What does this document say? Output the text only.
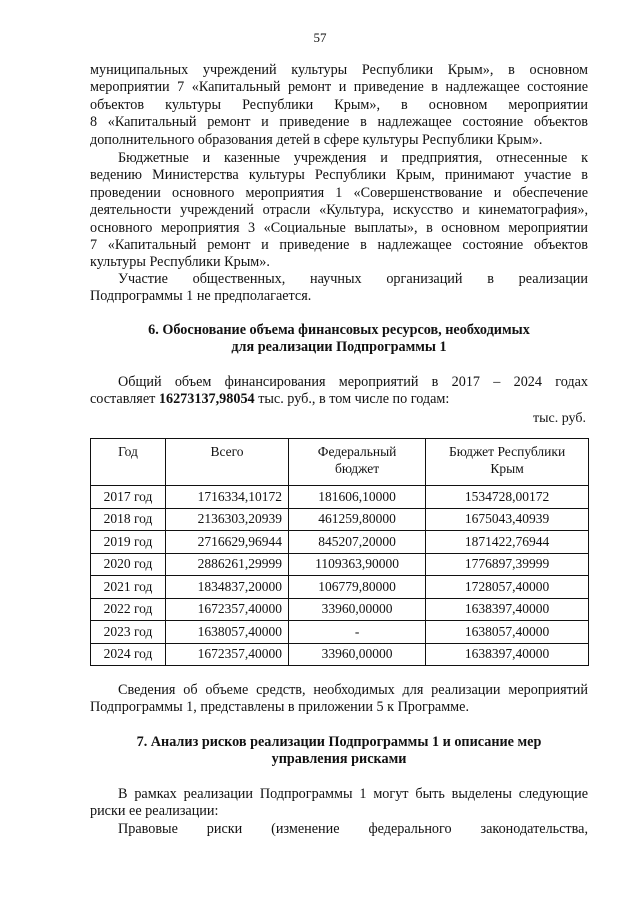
57

муниципальных учреждений культуры Республики Крым», в основном
мероприятии 7 «Капитальный ремонт и приведение в надлежащее состояние
объектов культуры Республики Крым», в основном мероприятии
8 «Капитальный ремонт и приведение в надлежащее состояние объектов
дополнительного образования детей в сфере культуры Республики Крым».

Бюджетные и казенные учреждения и предприятия, отнесенные к
ведению Министерства культуры Республики Крым, принимают участие в
проведении основного мероприятия 1 «Совершенствование и обеспечение
деятельности учреждений отрасли «Культура, искусство и кинематография»,
основного мероприятия 3 «Социальные выплаты», в основном мероприятии
7 «Капитальный ремонт и приведение в надлежащее состояние объектов
культуры Республики Крым».

Участие общественных, научных организаций в реализации
Подпрограммы 1 не предполагается.

6. Обоснование объема финансовых ресурсов, необходимых
для реализации Подпрограммы 1

Общий объем финансирования мероприятий в 2017 – 2024 годах
составляет 16273137,98054 тыс. руб., в том числе по годам:

тыс. руб.
Год	Всего	Федеральный бюджет	Бюджет Республики Крым
2017 год	1716334,10172	181606,10000	1534728,00172
2018 год	2136303,20939	461259,80000	1675043,40939
2019 год	2716629,96944	845207,20000	1871422,76944
2020 год	2886261,29999	1109363,90000	1776897,39999
2021 год	1834837,20000	106779,80000	1728057,40000
2022 год	1672357,40000	33960,00000	1638397,40000
2023 год	1638057,40000	-	1638057,40000
2024 год	1672357,40000	33960,00000	1638397,40000

Сведения об объеме средств, необходимых для реализации мероприятий
Подпрограммы 1, представлены в приложении 5 к Программе.

7. Анализ рисков реализации Подпрограммы 1 и описание мер
управления рисками

В рамках реализации Подпрограммы 1 могут быть выделены следующие
риски ее реализации:

Правовые риски (изменение федерального законодательства,
